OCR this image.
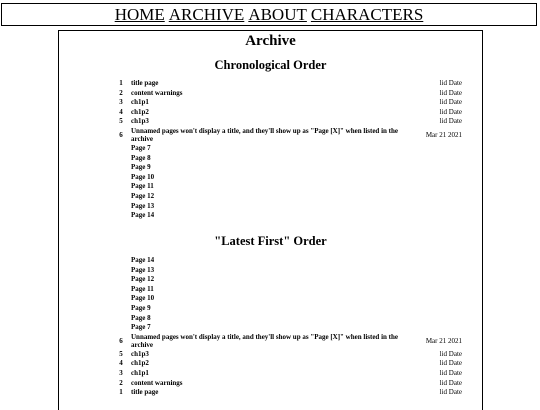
HOME ARCHIVE ABOUT CHARACTERS
Archive
Chronological Order
1	title page	lid Date
2	content warnings	lid Date
3	ch1p1	lid Date
4	ch1p2	lid Date
5	ch1p3	lid Date
6	Unnamed pages won't display a title, and they'll show up as "Page [X]" when listed in the archive	Mar 21 2021
Page 7
Page 8
Page 9
Page 10
Page 11
Page 12
Page 13
Page 14
"Latest First" Order
Page 14
Page 13
Page 12
Page 11
Page 10
Page 9
Page 8
Page 7
6	Unnamed pages won't display a title, and they'll show up as "Page [X]" when listed in the archive	Mar 21 2021
5	ch1p3	lid Date
4	ch1p2	lid Date
3	ch1p1	lid Date
2	content warnings	lid Date
1	title page	lid Date
